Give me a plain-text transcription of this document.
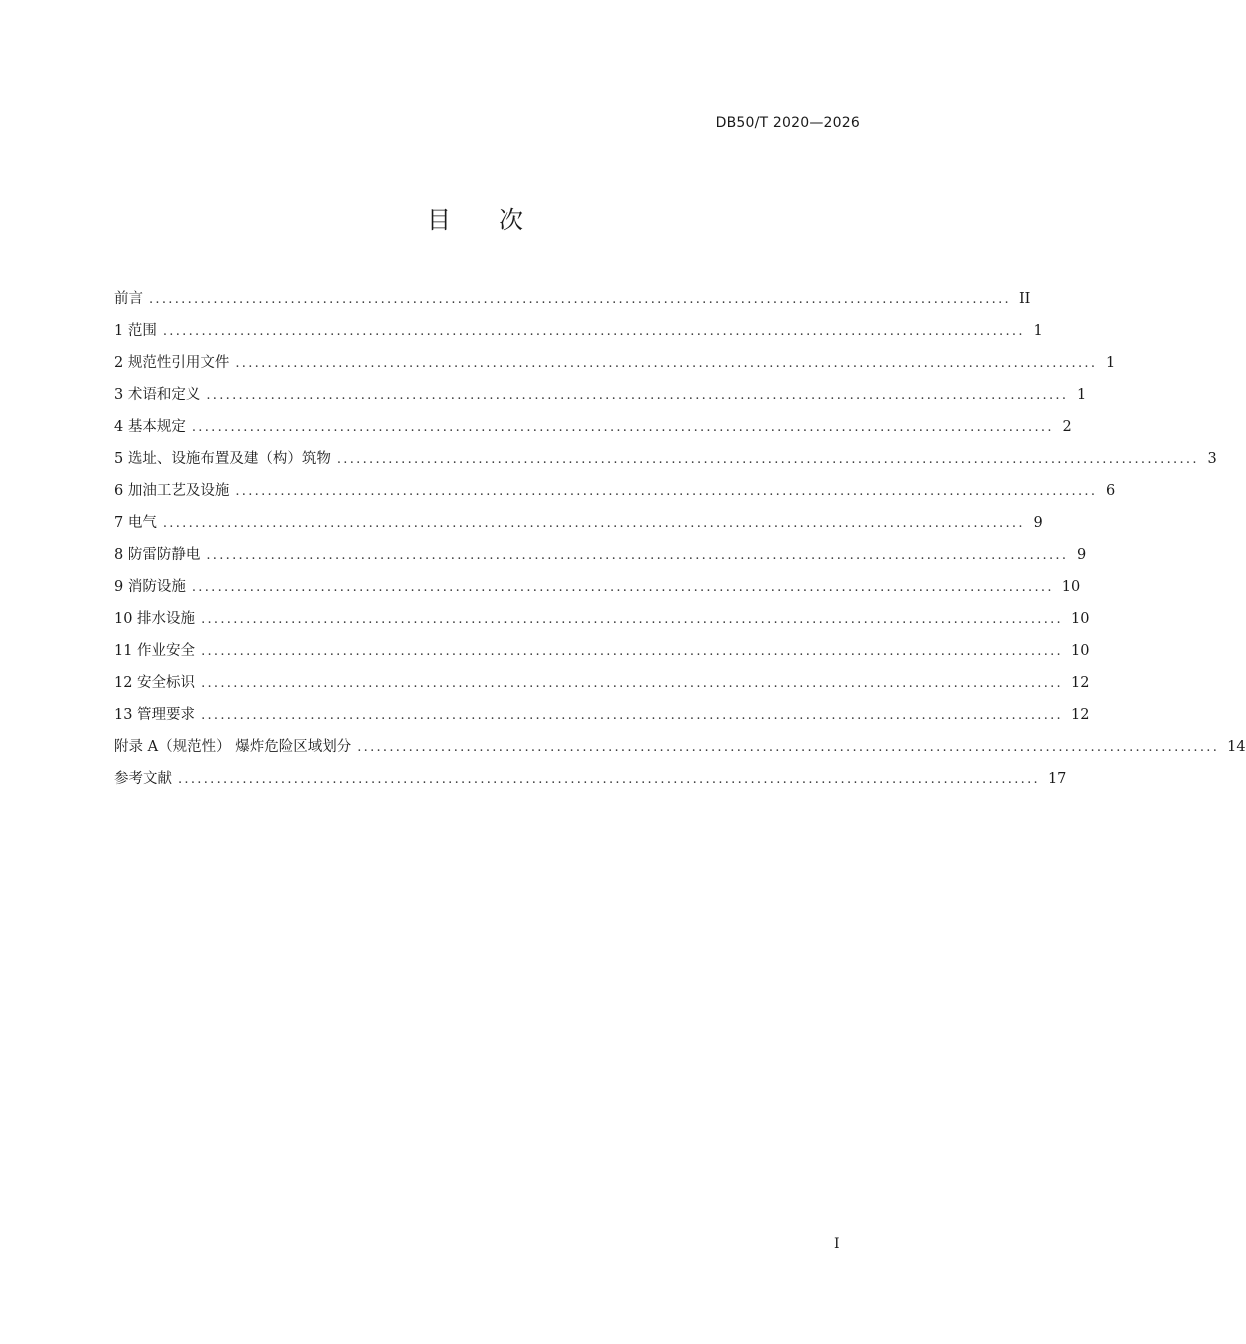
DB50/T 2020—2026
目 次
前言 ...................................................................................................................................... II
1 范围 ...................................................................................................................................... 1
2 规范性引用文件 ...................................................................................................................................... 1
3 术语和定义 ...................................................................................................................................... 1
4 基本规定 ...................................................................................................................................... 2
5 选址、设施布置及建（构）筑物 ...................................................................................................................................... 3
6 加油工艺及设施 ...................................................................................................................................... 6
7 电气 ...................................................................................................................................... 9
8 防雷防静电 ...................................................................................................................................... 9
9 消防设施 ...................................................................................................................................... 10
10 排水设施 ...................................................................................................................................... 10
11 作业安全 ...................................................................................................................................... 10
12 安全标识 ...................................................................................................................................... 12
13 管理要求 ...................................................................................................................................... 12
附录 A（规范性） 爆炸危险区域划分 ...................................................................................................................................... 14
参考文献 ...................................................................................................................................... 17
I
